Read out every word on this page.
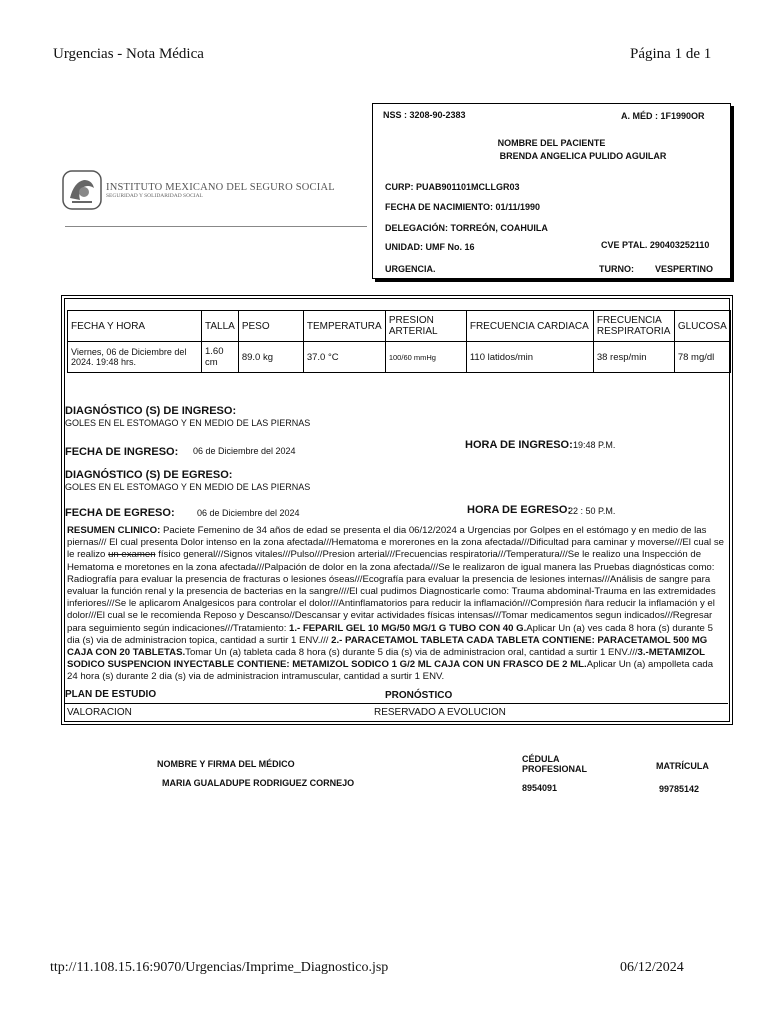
Urgencias - Nota Médica	Página 1 de 1
INSTITUTO MEXICANO DEL SEGURO SOCIAL
SEGURIDAD Y SOLIDARIDAD SOCIAL
NSS : 3208-90-2383	A. MÉD : 1F1990OR
NOMBRE DEL PACIENTE
BRENDA ANGELICA PULIDO AGUILAR
CURP: PUAB901101MCLLGR03
FECHA DE NACIMIENTO: 01/11/1990
DELEGACIÓN: TORREÓN, COAHUILA
UNIDAD: UMF No. 16	CVE PTAL. 290403252110
URGENCIA.	TURNO: VESPERTINO
FECHA Y HORA	TALLA	PESO	TEMPERATURA	PRESION ARTERIAL	FRECUENCIA CARDIACA	FRECUENCIA RESPIRATORIA	GLUCOSA
Viernes, 06 de Diciembre del 2024. 19:48 hrs.	1.60 cm	89.0 kg	37.0 °C	100/60 mmHg	110 latidos/min	38 resp/min	78 mg/dl
DIAGNÓSTICO (S) DE INGRESO:
GOLES EN EL ESTOMAGO Y EN MEDIO DE LAS PIERNAS
FECHA DE INGRESO: 06 de Diciembre del 2024	HORA DE INGRESO: 19:48 P.M.
DIAGNÓSTICO (S) DE EGRESO:
GOLES EN EL ESTOMAGO Y EN MEDIO DE LAS PIERNAS
FECHA DE EGRESO: 06 de Diciembre del 2024	HORA DE EGRESO:
22 : 50 P.M.
RESUMEN CLINICO: Paciete Femenino de 34 años de edad se presenta el dia 06/12/2024 a Urgencias por Golpes en el estómago y en medio de las piernas/// El cual presenta Dolor intenso en la zona afectada///Hematoma e morerones en la zona afectada///Dificultad para caminar y moverse///El cual se le realizo un examen físico general///Signos vitales///Pulso///Presion arterial///Frecuencias respiratoria///Temperatura///Se le realizo una Inspección de Hematoma e moretones en la zona afectada///Palpación de dolor en la zona afectada///Se le realizaron de igual manera las Pruebas diagnósticas como: Radiografía para evaluar la presencia de fracturas o lesiones óseas///Ecografía para evaluar la presencia de lesiones internas///Análisis de sangre para evaluar la función renal y la presencia de bacterias en la sangre////El cual pudimos Diagnosticarle como: Trauma abdominal-Trauma en las extremidades inferiores///Se le aplicarom Analgesicos para controlar el dolor///Antinflamatorios para reducir la inflamación///Compresión ñara reducir la inflamación y el dolor///El cual se le recomienda Reposo y Descanso//Descansar y evitar actividades físicas intensas///Tomar medicamentos segun indicados///Regresar para seguimiento según indicaciones///Tratamiento: 1.- FEPARIL GEL 10 MG/50 MG/1 G TUBO CON 40 G.Aplicar Un (a) ves cada 8 hora (s) durante 5 dia (s) via de administracion topica, cantidad a surtir 1 ENV./// 2.- PARACETAMOL TABLETA CADA TABLETA CONTIENE: PARACETAMOL 500 MG CAJA CON 20 TABLETAS.Tomar Un (a) tableta cada 8 hora (s) durante 5 dia (s) via de administracion oral, cantidad a surtir 1 ENV.///3.-METAMIZOL SODICO SUSPENCION INYECTABLE CONTIENE: METAMIZOL SODICO 1 G/2 ML CAJA CON UN FRASCO DE 2 ML.Aplicar Un (a) ampolleta cada 24 hora (s) durante 2 dia (s) via de administracion intramuscular, cantidad a surtir 1 ENV.
PLAN DE ESTUDIO	PRONÓSTICO
VALORACION	RESERVADO A EVOLUCION
NOMBRE Y FIRMA DEL MÉDICO
MARIA GUALADUPE RODRIGUEZ CORNEJO
CÉDULA
PROFESIONAL
8954091
MATRÍCULA
99785142
ttp://11.108.15.16:9070/Urgencias/Imprime_Diagnostico.jsp	06/12/2024
